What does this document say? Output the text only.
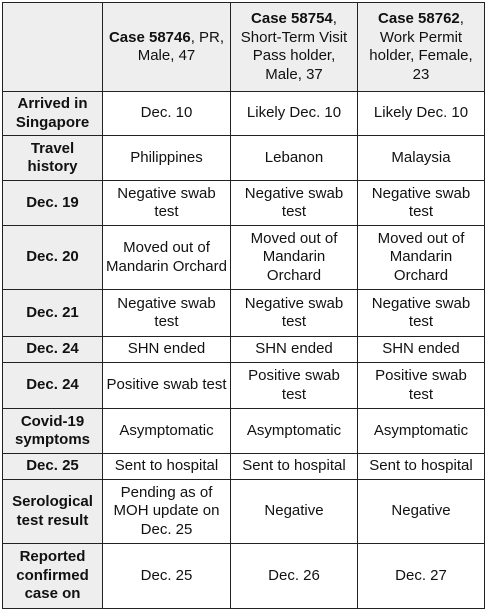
	Case 58746, PR, Male, 47	Case 58754, Short-Term Visit Pass holder, Male, 37	Case 58762, Work Permit holder, Female, 23
Arrived in Singapore	Dec. 10	Likely Dec. 10	Likely Dec. 10
Travel history	Philippines	Lebanon	Malaysia
Dec. 19	Negative swab test	Negative swab test	Negative swab test
Dec. 20	Moved out of Mandarin Orchard	Moved out of Mandarin Orchard	Moved out of Mandarin Orchard
Dec. 21	Negative swab test	Negative swab test	Negative swab test
Dec. 24	SHN ended	SHN ended	SHN ended
Dec. 24	Positive swab test	Positive swab test	Positive swab test
Covid-19 symptoms	Asymptomatic	Asymptomatic	Asymptomatic
Dec. 25	Sent to hospital	Sent to hospital	Sent to hospital
Serological test result	Pending as of MOH update on Dec. 25	Negative	Negative
Reported confirmed case on	Dec. 25	Dec. 26	Dec. 27
